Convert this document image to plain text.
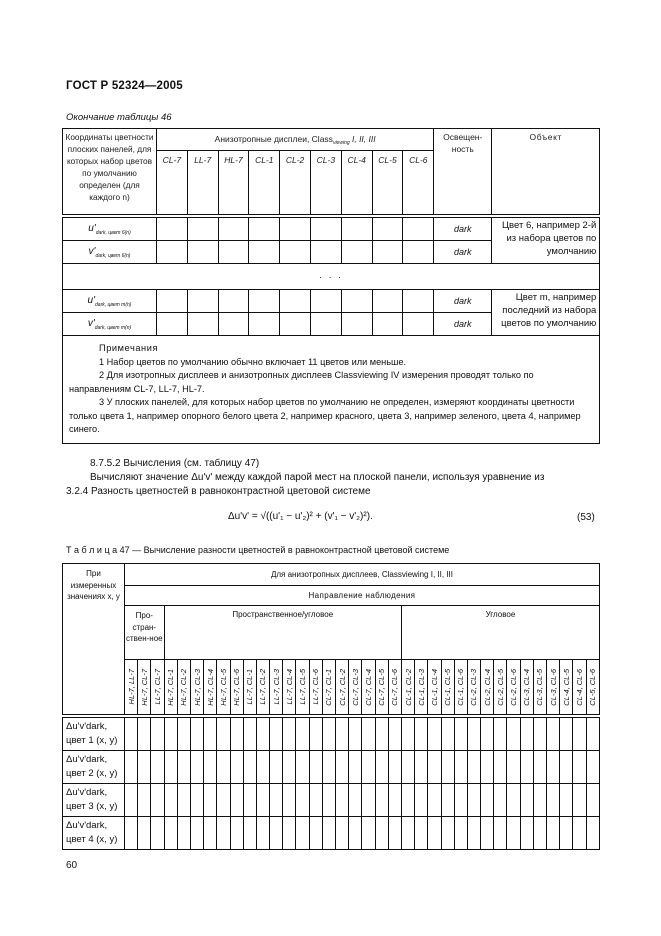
ГОСТ Р 52324—2005
Окончание таблицы 46
Координаты цветности плоских панелей, для которых набор цветов по умолчанию определен (для каждого n)	Анизотропные дисплеи, Class$_{viewing}$ I, II, III									Освещен-ность	Объект
	CL-7	LL-7	HL-7	CL-1	CL-2	CL-3	CL-4	CL-5	CL-6		

$u'_{dark, цвет 6(n)}$										dark	Цвет 6, например 2-й из набора цветов по умолчанию
$v'_{dark, цвет 6(n)}$										dark	
· · ·											
$u'_{dark, цвет m(n)}$										dark	Цвет m, например последний из набора цветов по умолчанию
$v'_{dark, цвет m(n)}$										dark	

Примечания
1 Набор цветов по умолчанию обычно включает 11 цветов или меньше.
2 Для изотропных дисплеев и анизотропных дисплеев Classviewing IV измерения проводят только по направлениям CL-7, LL-7, HL-7.
3 У плоских панелей, для которых набор цветов по умолчанию не определен, измеряют координаты цветности только цвета 1, например опорного белого цвета 2, например красного, цвета 3, например зеленого, цвета 4, например синего.											
8.7.5.2 Вычисления (см. таблицу 47)
Вычисляют значение Δu'v' между каждой парой мест на плоской панели, используя уравнение из
3.2.4 Разность цветностей в равноконтрастной цветовой системе
Δu'v' = √((u'₁ − u'₂)² + (v'₁ − v'₂)²).	(53)
Т а б л и ц а 47 — Вычисление разности цветностей в равноконтрастной цветовой системе
При измеренных значениях x, y	Для анизотропных дисплеев, Classviewing I, II, III																																			
	Направление наблюдения																																			
	Про-стран-ствен-ное			Пространственное/угловое																		Угловое														

	HL-7, LL-7	HL-7, CL-7	LL-7, CL-7	HL-7, CL-1	HL-7, CL-2	HL-7, CL-3	HL-7, CL-4	HL-7, CL-5	HL-7, CL-6	LL-7, CL-1	LL-7, CL-2	LL-7, CL-3	LL-7, CL-4	LL-7, CL-5	LL-7, CL-6	CL-7, CL-1	CL-7, CL-2	CL-7, CL-3	CL-7, CL-4	CL-7, CL-5	CL-7, CL-6	CL-1, CL-2	CL-1, CL-3	CL-1, CL-4	CL-1, CL-5	CL-1, CL-6	CL-2, CL-3	CL-2, CL-4	CL-2, CL-5	CL-2, CL-6	CL-3, CL-4	CL-3, CL-5	CL-3, CL-6	CL-4, CL-5	CL-4, CL-6	CL-5, CL-6

Δu'v'dark,
цвет 1 (x, y)																																				

Δu'v'dark,
цвет 2 (x, y)																																				

Δu'v'dark,
цвет 3 (x, y)																																				

Δu'v'dark,
цвет 4 (x, y)																																				

60
